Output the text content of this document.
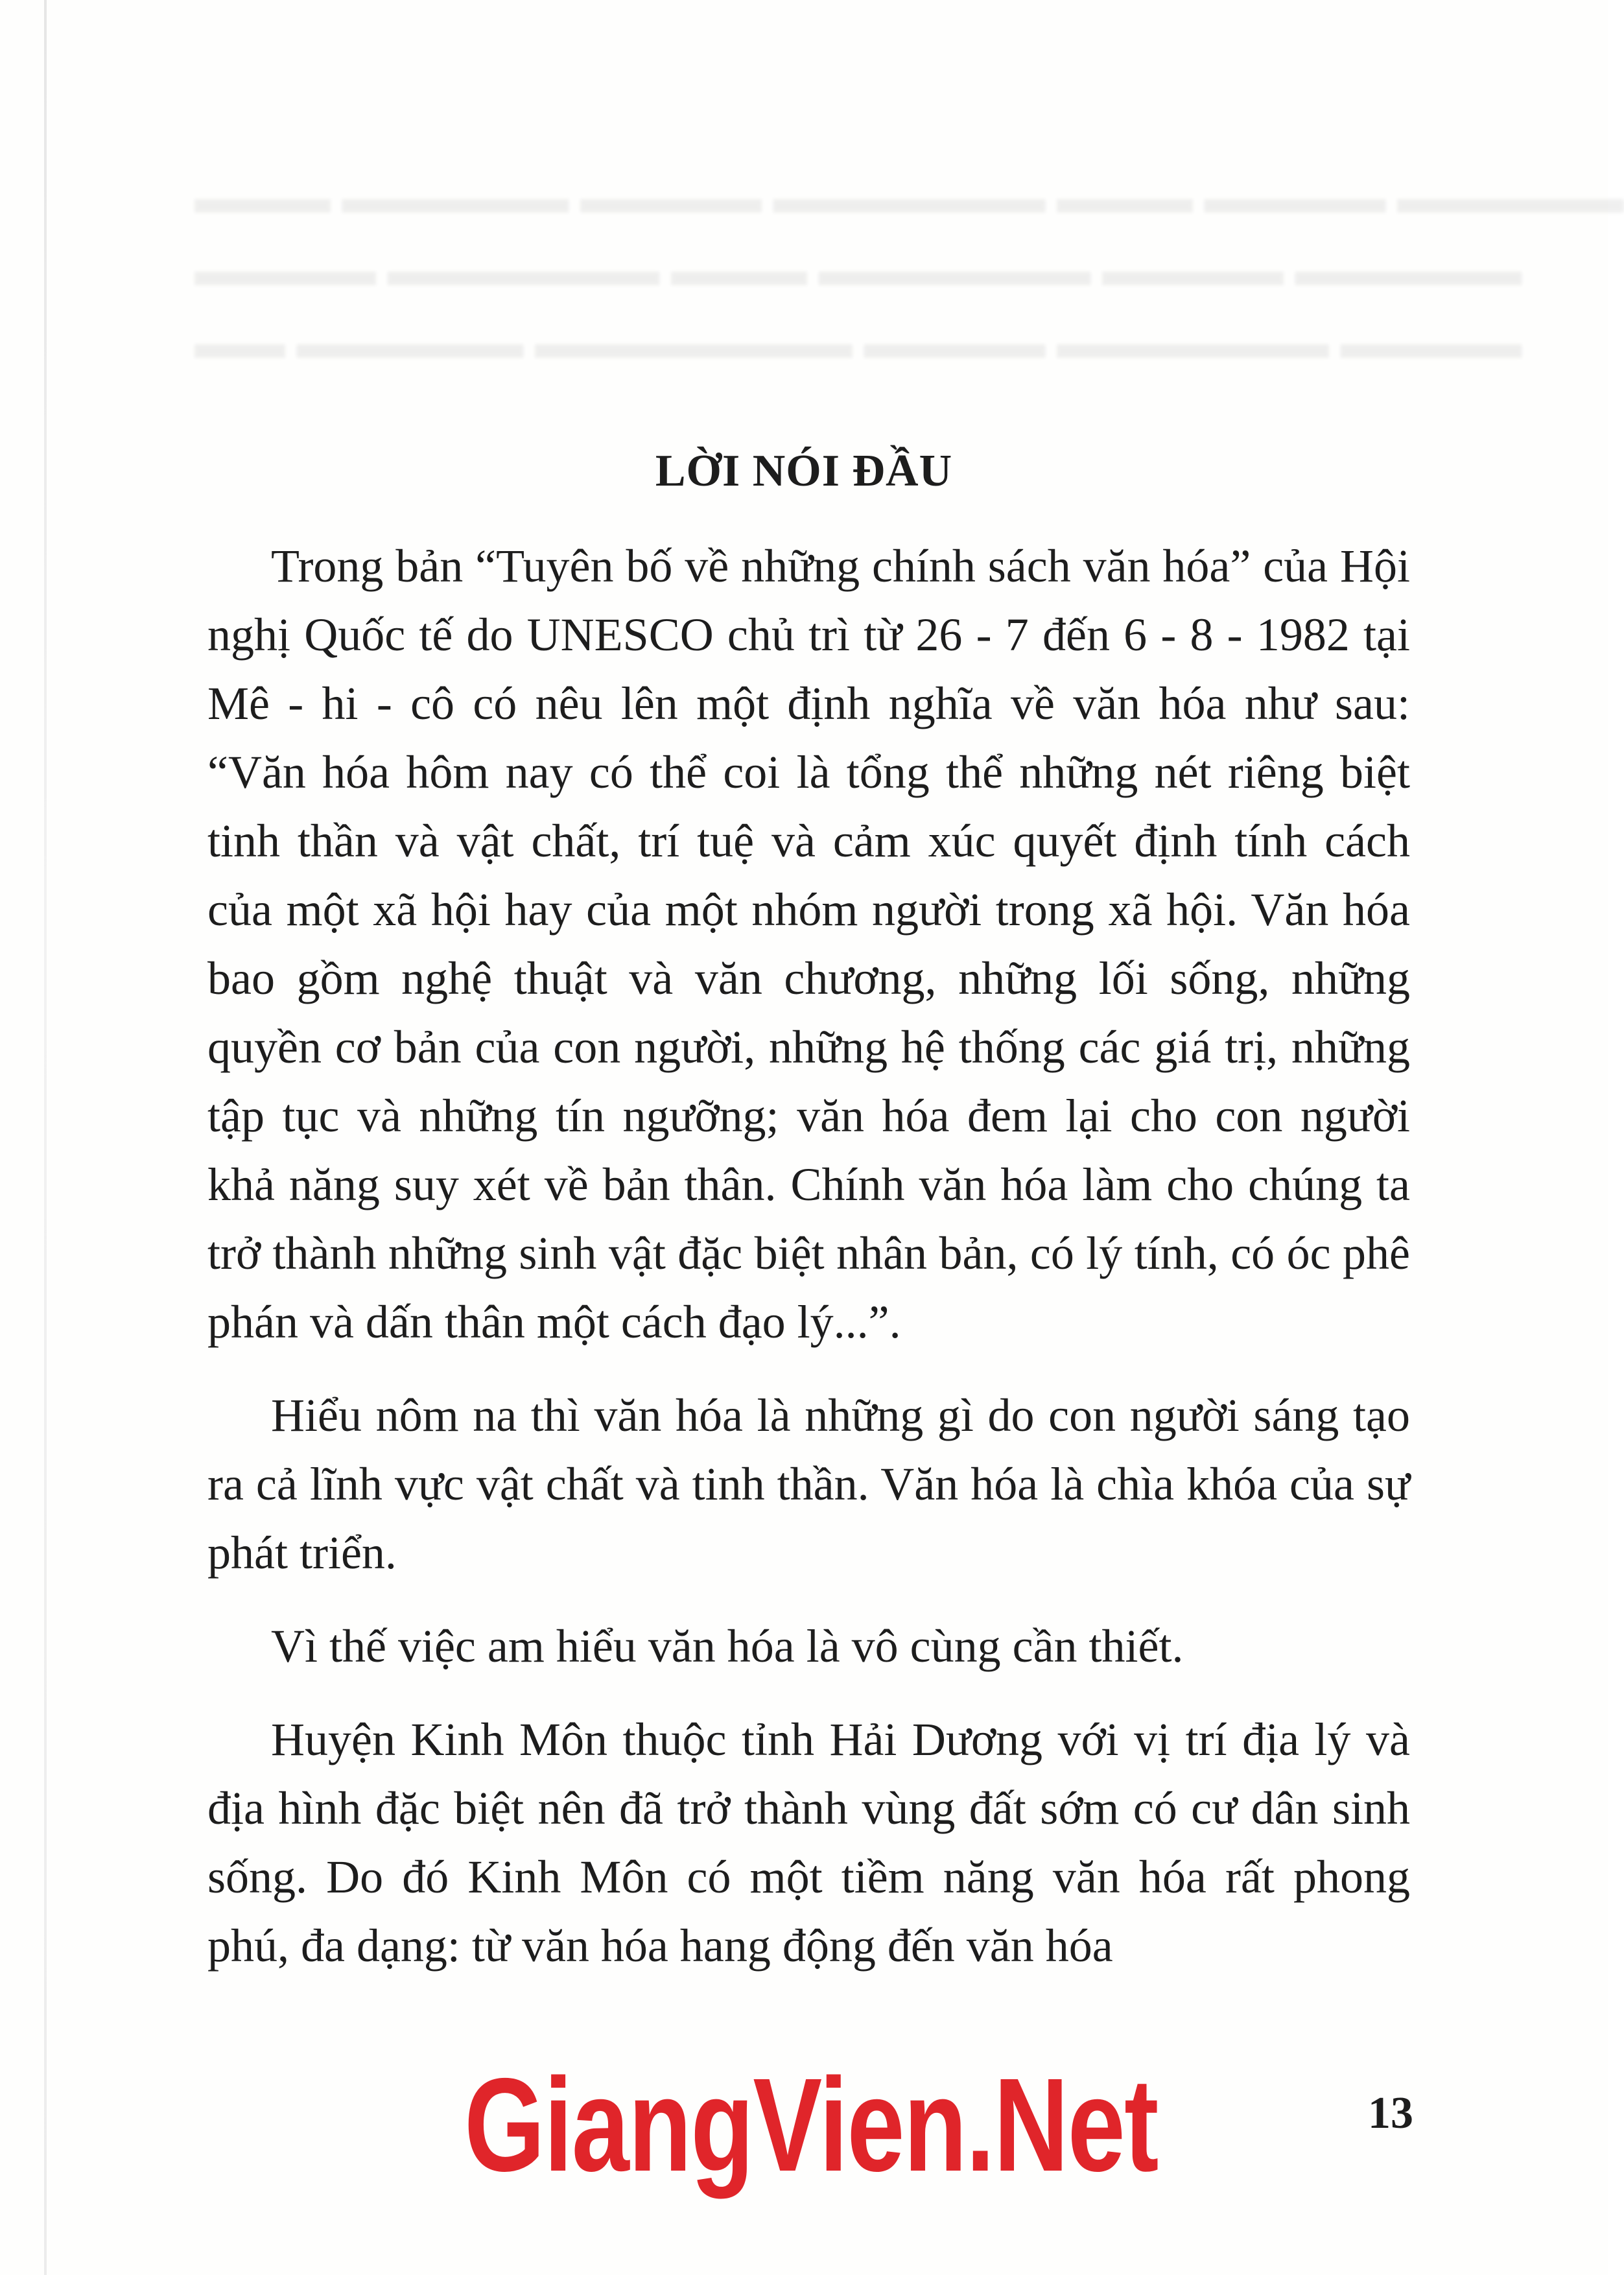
▬▬▬ ▬▬▬▬▬ ▬▬▬▬ ▬▬▬▬▬▬ ▬▬▬ ▬▬▬▬ ▬▬▬▬▬
▬▬▬▬ ▬▬▬▬▬▬ ▬▬▬ ▬▬▬▬▬▬ ▬▬▬▬ ▬▬▬▬▬
▬▬ ▬▬▬▬▬ ▬▬▬▬▬▬▬ ▬▬▬▬ ▬▬▬▬▬▬ ▬▬▬▬
LỜI NÓI ĐẦU

Trong bản “Tuyên bố về những chính sách văn hóa” của Hội nghị Quốc tế do UNESCO chủ trì từ 26 - 7 đến 6 - 8 - 1982 tại Mê - hi - cô có nêu lên một định nghĩa về văn hóa như sau: “Văn hóa hôm nay có thể coi là tổng thể những nét riêng biệt tinh thần và vật chất, trí tuệ và cảm xúc quyết định tính cách của một xã hội hay của một nhóm người trong xã hội. Văn hóa bao gồm nghệ thuật và văn chương, những lối sống, những quyền cơ bản của con người, những hệ thống các giá trị, những tập tục và những tín ngưỡng; văn hóa đem lại cho con người khả năng suy xét về bản thân. Chính văn hóa làm cho chúng ta trở thành những sinh vật đặc biệt nhân bản, có lý tính, có óc phê phán và dấn thân một cách đạo lý...”.

Hiểu nôm na thì văn hóa là những gì do con người sáng tạo ra cả lĩnh vực vật chất và tinh thần. Văn hóa là chìa khóa của sự phát triển.

Vì thế việc am hiểu văn hóa là vô cùng cần thiết.

Huyện Kinh Môn thuộc tỉnh Hải Dương với vị trí địa lý và địa hình đặc biệt nên đã trở thành vùng đất sớm có cư dân sinh sống. Do đó Kinh Môn có một tiềm năng văn hóa rất phong phú, đa dạng: từ văn hóa hang động đến văn hóa

GiangVien.Net	13
